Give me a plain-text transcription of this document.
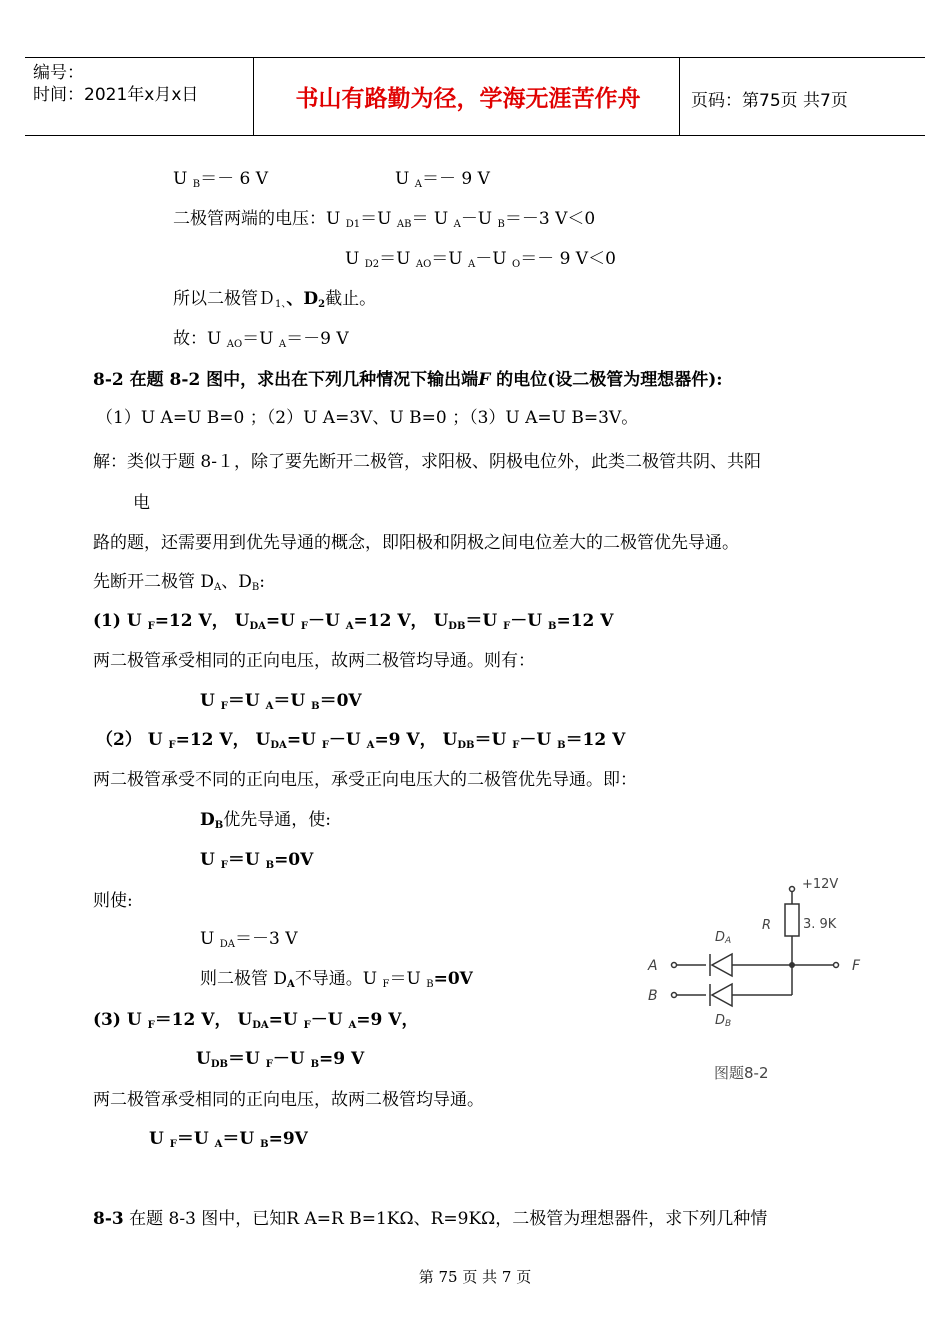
编号：
时间：2021年x月x日	书山有路勤为径，学海无涯苦作舟	页码：第75页 共7页
U $_B$＝－ 6 V	U $_A$＝－ 9 V
二极管两端的电压：U $_{D1}$＝U $_{AB}$＝ U $_A$－U $_B$＝－3 V＜0
U $_{D2}$＝U $_{AO}$＝U $_A$－U $_O$＝－ 9 V＜0
所以二极管Ｄ$_{1、}$、$D_2$截止。
故：U $_{AO}$＝U $_A$＝－9 V
8-2 在题 8-2 图中，求出在下列几种情况下输出端F 的电位(设二极管为理想器件):
（1）U A=U B=0 ；（2）U A=3V、U B=0 ；（3）U A=U B=3V。
解：类似于题 8-１，除了要先断开二极管，求阳极、阴极电位外，此类二极管共阴、共阳
电
路的题，还需要用到优先导通的概念，即阳极和阴极之间电位差大的二极管优先导通。
先断开二极管 $D_A$、$D_B$:
(1) U $_F$=12 V， $U_{DA}=U$ $_F$－U $_A$=12 V， $U_{DB}=U$ $_F$－U $_B$=12 V
两二极管承受相同的正向电压，故两二极管均导通。则有：
U $_F$＝U $_A$＝U $_B$＝0V
（2） U $_F$=12 V， $U_{DA}=U$ $_F$－U $_A$=9 V， $U_{DB}=U$ $_F$－U $_B$＝12 V
两二极管承受不同的正向电压，承受正向电压大的二极管优先导通。即：
$D_B$优先导通，使:
U $_F$＝U $_B$=0V
则使:
U $_{DA}$＝－3 V
则二极管 $D_A$不导通。U $_F$＝U $_B$=0V
(3) U $_F$＝12 V， $U_{DA}=U$ $_F$－U $_A$=9 V，
$U_{DB}=U$ $_F$－U $_B$=9 V
两二极管承受相同的正向电压，故两二极管均导通。
U $_F$＝U $_A$＝U $_B$=9V
8-3 在题 8-3 图中，已知R A=R B=1KΩ、R=9KΩ，二极管为理想器件，求下列几种情
+12V
R 3. 9K
DA
DB
A
B
F
图题8-2
第 75 页 共 7 页
